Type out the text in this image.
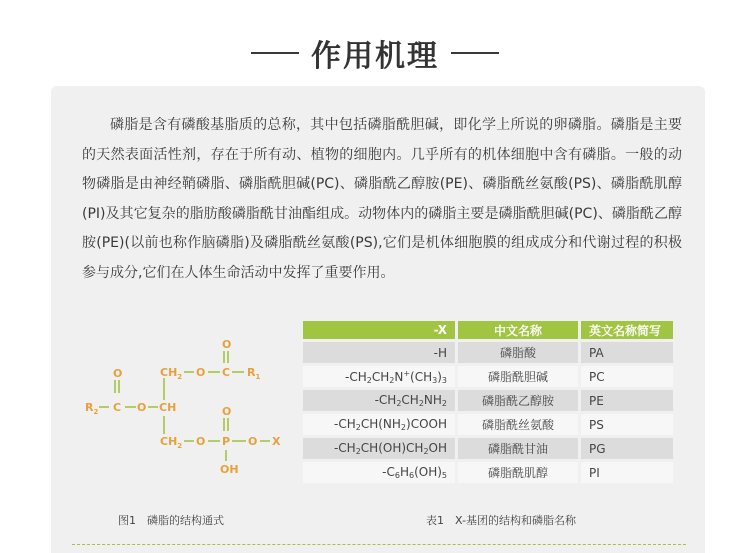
作用机理

磷脂是含有磷酸基脂质的总称，其中包括磷脂酰胆碱，即化学上所说的卵磷脂。磷脂是主要的天然表面活性剂，存在于所有动、植物的细胞内。几乎所有的机体细胞中含有磷脂。一般的动物磷脂是由神经鞘磷脂、磷脂酰胆碱(PC)、磷脂酰乙醇胺(PE)、磷脂酰丝氨酸(PS)、磷脂酰肌醇(PI)及其它复杂的脂肪酸磷脂酰甘油酯组成。动物体内的磷脂主要是磷脂酰胆碱(PC)、磷脂酰乙醇胺(PE)(以前也称作脑磷脂)及磷脂酰丝氨酸(PS),它们是机体细胞膜的组成成分和代谢过程的积极参与成分,它们在人体生命活动中发挥了重要作用。

O
O	$CH_2$ O C $R_1$
$R_2$ C O CH	O
$CH_2$ O P O X
OH
-X	中文名称	英文名称简写
-H	磷脂酸	PA
$-CH_2CH_2N^+(CH_3)_3$	磷脂酰胆碱	PC
$-CH_2CH_2NH_2$	磷脂酰乙醇胺	PE
$-CH_2CH(NH_2)COOH$	磷脂酰丝氨酸	PS
$-CH_2CH(OH)CH_2OH$	磷脂酰甘油	PG
$-C_6H_6(OH)_5$	磷脂酰肌醇	PI
图1　磷脂的结构通式	表1　X-基团的结构和磷脂名称
